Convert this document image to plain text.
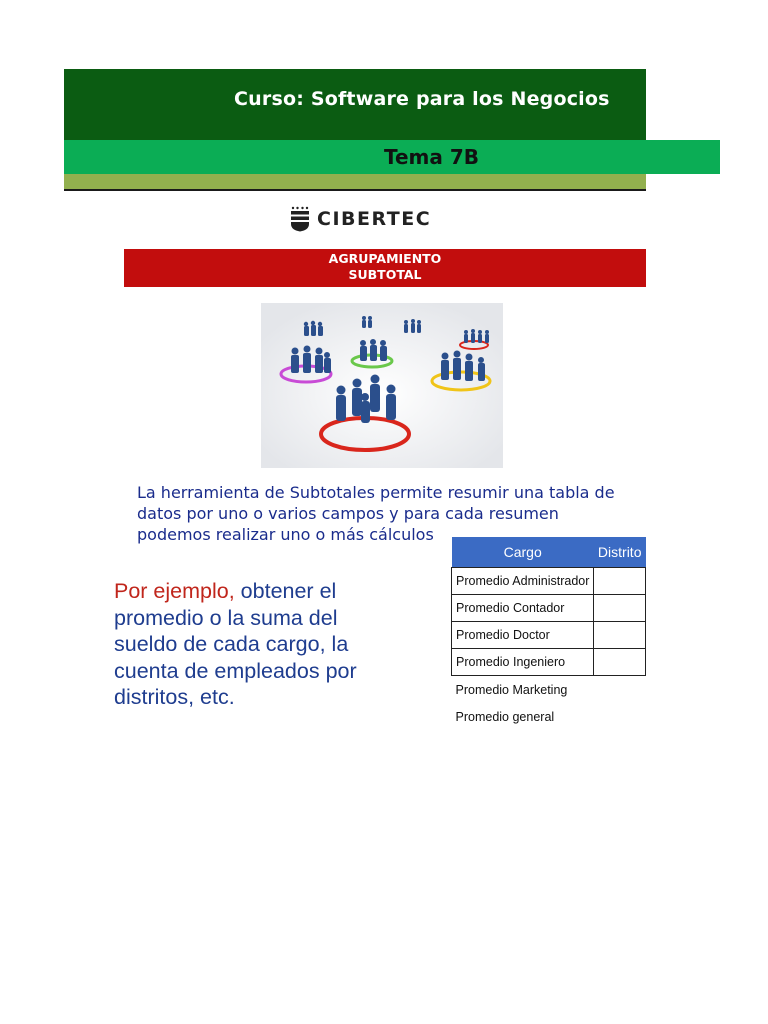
Curso: Software para los Negocios
Tema 7B
CIBERTEC
AGRUPAMIENTO
SUBTOTAL
La herramienta de Subtotales permite resumir una tabla de
datos por uno o varios campos y para cada resumen
podemos realizar uno o más cálculos
Por ejemplo, obtener el
promedio o la suma del
sueldo de cada cargo, la
cuenta de empleados por
distritos, etc.
Cargo	Distrito
Promedio Administrador	
Promedio Contador	
Promedio Doctor	
Promedio Ingeniero	
Promedio Marketing	
Promedio general	
